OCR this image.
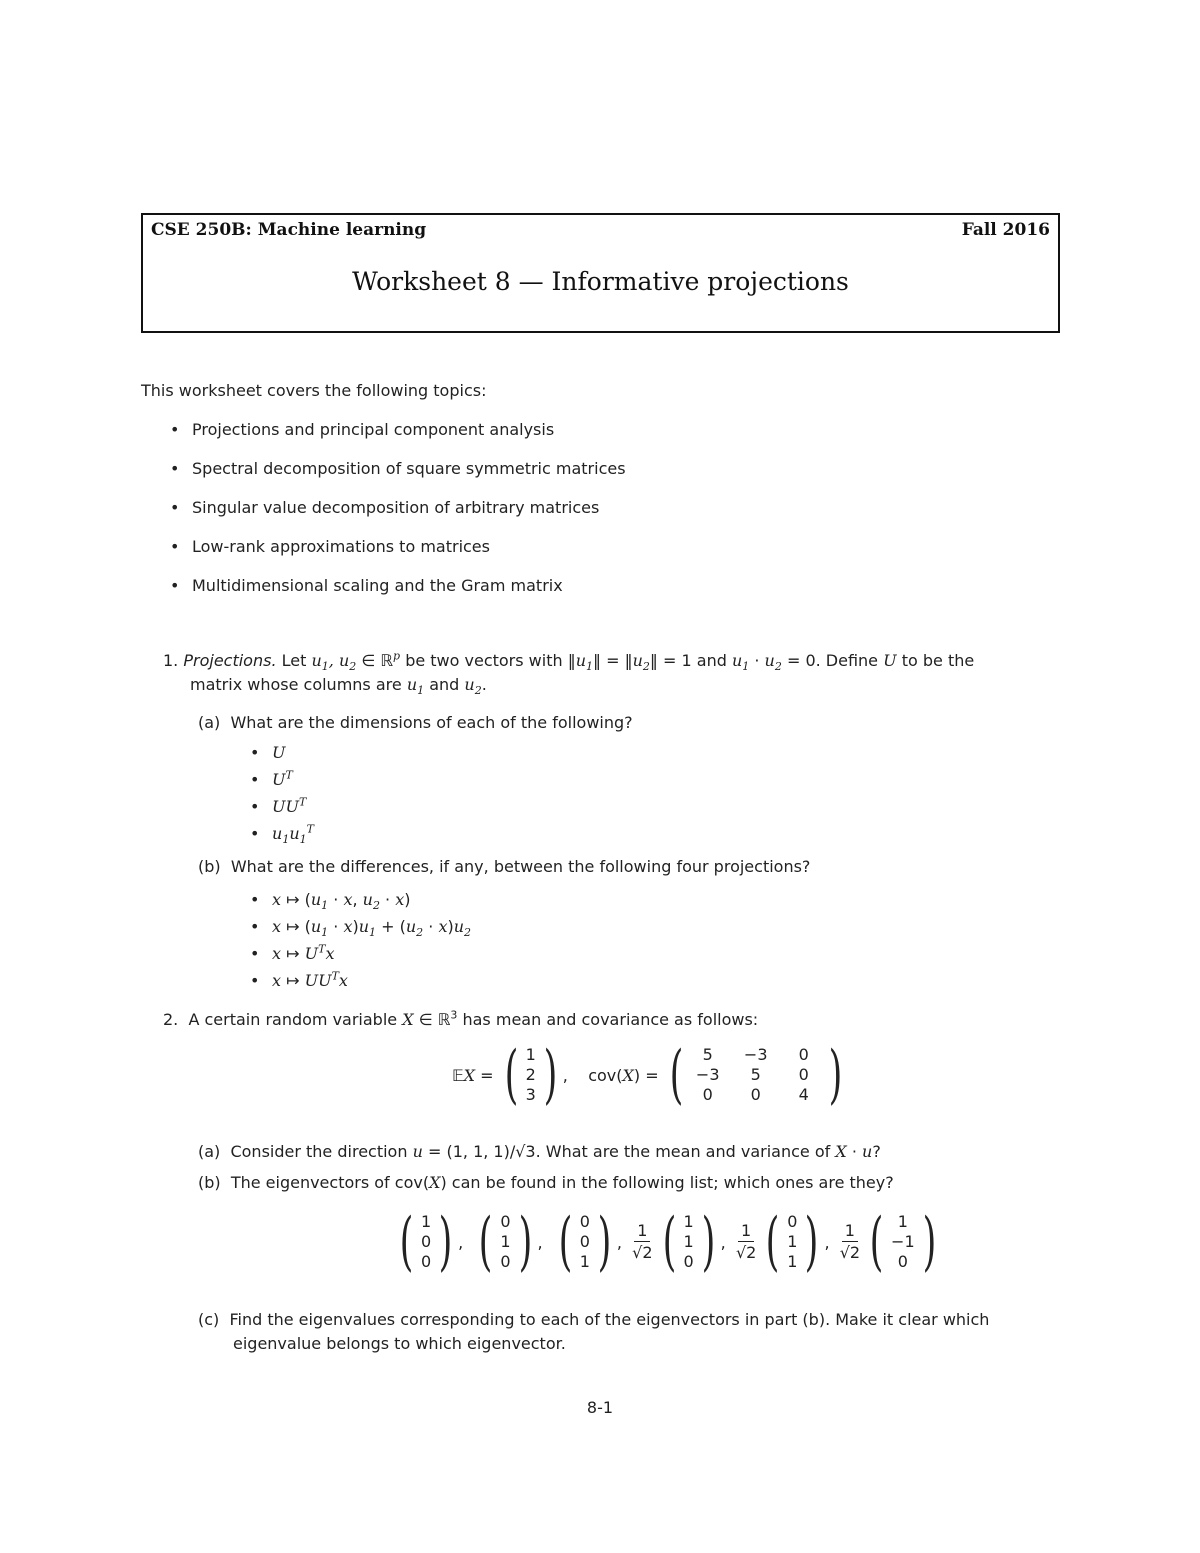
CSE 250B: Machine learning	Fall 2016
Worksheet 8 — Informative projections
This worksheet covers the following topics:
• Projections and principal component analysis
• Spectral decomposition of square symmetric matrices
• Singular value decomposition of arbitrary matrices
• Low-rank approximations to matrices
• Multidimensional scaling and the Gram matrix
1. Projections. Let $u_1$, $u_2$ ∈ ℝ$^p$ be two vectors with $‖u_1‖$ = $‖u_2‖ = 1$ and $u_1 \cdot u_2 = 0$. Define U to be the
matrix whose columns are $u_1$ and $u_2$.
(a) What are the dimensions of each of the following?
• U
• $U^T$
• $UU^T$
• $u_1u_1^T$
(b) What are the differences, if any, between the following four projections?
• x ↦ ($u_1 \cdot x$, $u_2 \cdot x$)
• x ↦ $(u_1 \cdot x)u_1 + (u_2 \cdot x)u_2$
• x ↦ $U^Tx$
• x ↦ $UU^Tx$
2. A certain random variable X ∈ ℝ$^3$ has mean and covariance as follows:
𝔼X = ( 1
2
3 ) ,    cov(X) = (	5	−3	0
−3	5	0
0	0	4 )
(a) Consider the direction u = (1, 1, 1)/√3. What are the mean and variance of X · u?
(b) The eigenvectors of cov(X) can be found in the following list; which ones are they?
( 1
0
0 ) , ( 0
1
0 ) , ( 0
0
1 ) , $\frac{1}{√2}$ ( 1
1
0 ) , $\frac{1}{√2}$ ( 0
1
1 ) , $\frac{1}{√2}$ ( 1
−1
0 )
(c) Find the eigenvalues corresponding to each of the eigenvectors in part (b). Make it clear which
eigenvalue belongs to which eigenvector.
8-1
